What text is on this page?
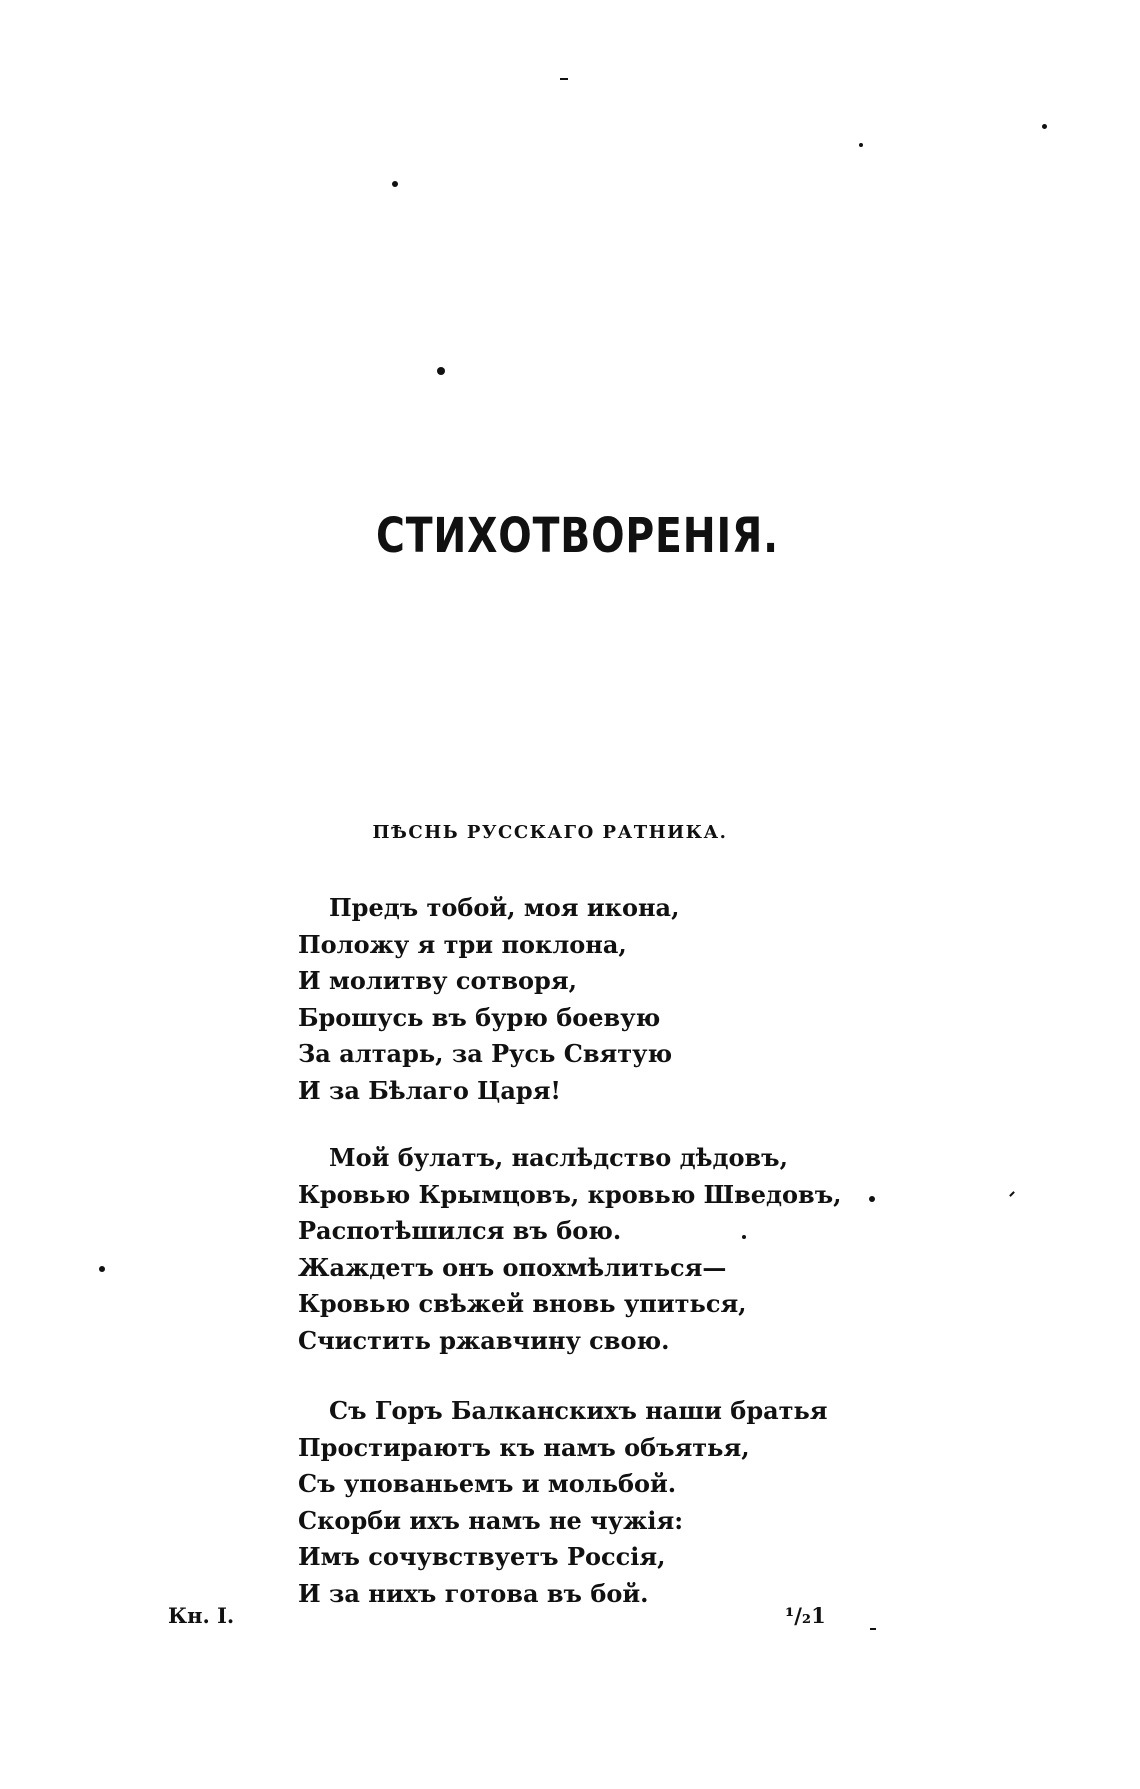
СТИХОТВОРЕНІЯ.
ПѢСНЬ РУССКАГО РАТНИКА.
Предъ тобой, моя икона,
Положу я три поклона,
И молитву сотворя,
Брошусь въ бурю боевую
За алтарь, за Русь Святую
И за Бѣлаго Царя!
Мой булатъ, наслѣдство дѣдовъ,
Кровью Крымцовъ, кровью Шведовъ,
Распотѣшился въ бою.
Жаждетъ онъ опохмѣлиться—
Кровью свѣжей вновь упиться,
Счистить ржавчину свою.
Съ Горъ Балканскихъ наши братья
Простираютъ къ намъ объятья,
Съ упованьемъ и мольбой.
Скорби ихъ намъ не чужія:
Имъ сочувствуетъ Россія,
И за нихъ готова въ бой.
Кн. I.	¹/₂1
